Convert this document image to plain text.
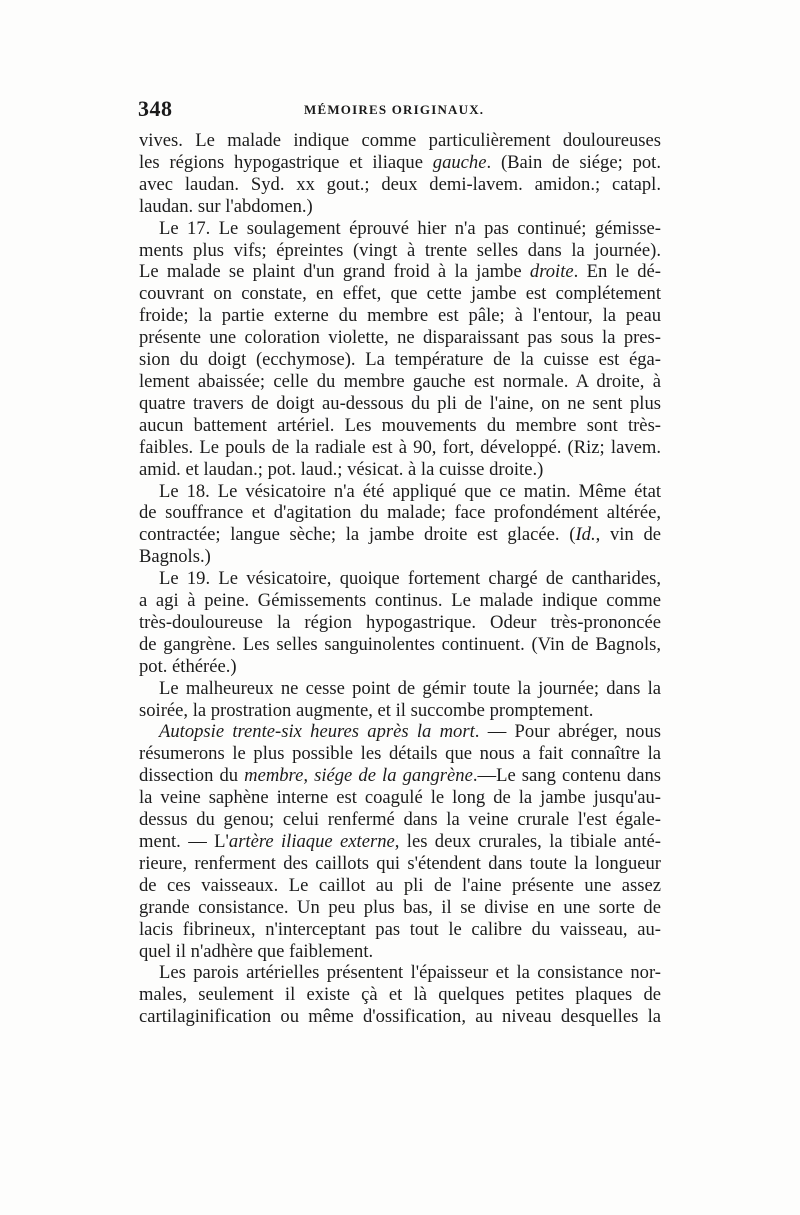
348	MÉMOIRES ORIGINAUX.
vives. Le malade indique comme particulièrement douloureuses
les régions hypogastrique et iliaque gauche. (Bain de siége; pot.
avec laudan. Syd. xx gout.; deux demi-lavem. amidon.; catapl.
laudan. sur l'abdomen.)
Le 17. Le soulagement éprouvé hier n'a pas continué; gémisse-
ments plus vifs; épreintes (vingt à trente selles dans la journée).
Le malade se plaint d'un grand froid à la jambe droite. En le dé-
couvrant on constate, en effet, que cette jambe est complétement
froide; la partie externe du membre est pâle; à l'entour, la peau
présente une coloration violette, ne disparaissant pas sous la pres-
sion du doigt (ecchymose). La température de la cuisse est éga-
lement abaissée; celle du membre gauche est normale. A droite, à
quatre travers de doigt au-dessous du pli de l'aine, on ne sent plus
aucun battement artériel. Les mouvements du membre sont très-
faibles. Le pouls de la radiale est à 90, fort, développé. (Riz; lavem.
amid. et laudan.; pot. laud.; vésicat. à la cuisse droite.)
Le 18. Le vésicatoire n'a été appliqué que ce matin. Même état
de souffrance et d'agitation du malade; face profondément altérée,
contractée; langue sèche; la jambe droite est glacée. (Id., vin de
Bagnols.)
Le 19. Le vésicatoire, quoique fortement chargé de cantharides,
a agi à peine. Gémissements continus. Le malade indique comme
très-douloureuse la région hypogastrique. Odeur très-prononcée
de gangrène. Les selles sanguinolentes continuent. (Vin de Bagnols,
pot. éthérée.)
Le malheureux ne cesse point de gémir toute la journée; dans la
soirée, la prostration augmente, et il succombe promptement.
Autopsie trente-six heures après la mort. — Pour abréger, nous
résumerons le plus possible les détails que nous a fait connaître la
dissection du membre, siége de la gangrène.—Le sang contenu dans
la veine saphène interne est coagulé le long de la jambe jusqu'au-
dessus du genou; celui renfermé dans la veine crurale l'est égale-
ment. — L'artère iliaque externe, les deux crurales, la tibiale anté-
rieure, renferment des caillots qui s'étendent dans toute la longueur
de ces vaisseaux. Le caillot au pli de l'aine présente une assez
grande consistance. Un peu plus bas, il se divise en une sorte de
lacis fibrineux, n'interceptant pas tout le calibre du vaisseau, au-
quel il n'adhère que faiblement.
Les parois artérielles présentent l'épaisseur et la consistance nor-
males, seulement il existe çà et là quelques petites plaques de
cartilaginification ou même d'ossification, au niveau desquelles la
